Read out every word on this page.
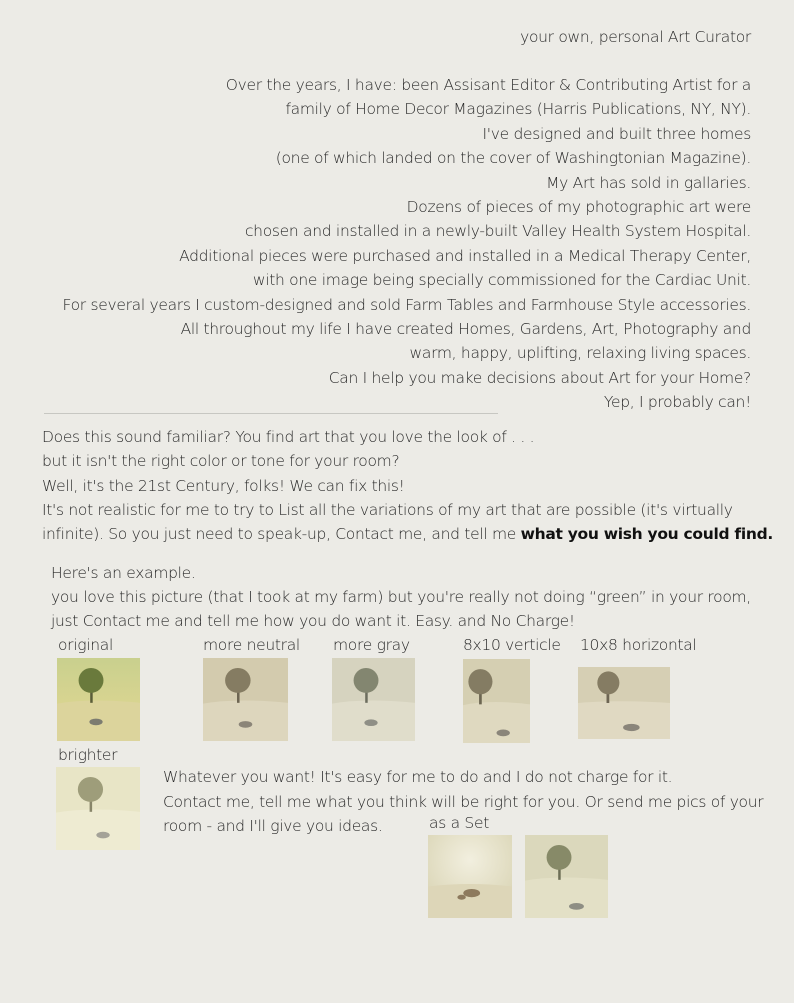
your own, personal Art Curator
Over the years, I have: been Assisant Editor & Contributing Artist for a
family of Home Decor Magazines (Harris Publications, NY, NY).
I've designed and built three homes
(one of which landed on the cover of Washingtonian Magazine).
My Art has sold in gallaries.
Dozens of pieces of my photographic art were
chosen and installed in a newly-built Valley Health System Hospital.
Additional pieces were purchased and installed in a Medical Therapy Center,
with one image being specially commissioned for the Cardiac Unit.
For several years I custom-designed and sold Farm Tables and Farmhouse Style accessories.
All throughout my life I have created Homes, Gardens, Art, Photography and
warm, happy, uplifting, relaxing living spaces.
Can I help you make decisions about Art for your Home?
Yep, I probably can!
Does this sound familiar? You find art that you love the look of . . .
but it isn't the right color or tone for your room?
Well, it's the 21st Century, folks! We can fix this!
It's not realistic for me to try to List all the variations of my art that are possible (it's virtually
infinite). So you just need to speak-up, Contact me, and tell me what you wish you could find.
Here's an example.
you love this picture (that I took at my farm) but you're really not doing “green” in your room,
just Contact me and tell me how you do want it. Easy. and No Charge!
original	more neutral more gray	8x10 verticle 10x8 horizontal
brighter
as a Set
Whatever you want! It's easy for me to do and I do not charge for it.
Contact me, tell me what you think will be right for you. Or send me pics of your
room - and I'll give you ideas.
